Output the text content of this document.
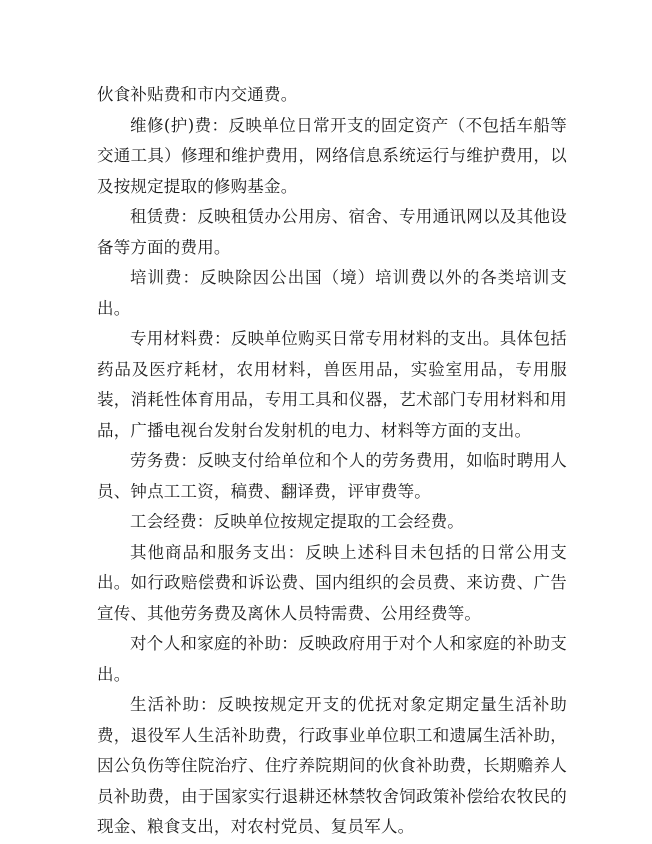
伙食补贴费和市内交通费。

维修(护)费：反映单位日常开支的固定资产（不包括车船等交通工具）修理和维护费用，网络信息系统运行与维护费用，以及按规定提取的修购基金。

租赁费：反映租赁办公用房、宿舍、专用通讯网以及其他设备等方面的费用。

培训费：反映除因公出国（境）培训费以外的各类培训支出。

专用材料费：反映单位购买日常专用材料的支出。具体包括药品及医疗耗材，农用材料，兽医用品，实验室用品，专用服装，消耗性体育用品，专用工具和仪器，艺术部门专用材料和用品，广播电视台发射台发射机的电力、材料等方面的支出。

劳务费：反映支付给单位和个人的劳务费用，如临时聘用人员、钟点工工资，稿费、翻译费，评审费等。

工会经费：反映单位按规定提取的工会经费。

其他商品和服务支出：反映上述科目未包括的日常公用支出。如行政赔偿费和诉讼费、国内组织的会员费、来访费、广告宣传、其他劳务费及离休人员特需费、公用经费等。

对个人和家庭的补助：反映政府用于对个人和家庭的补助支出。

生活补助：反映按规定开支的优抚对象定期定量生活补助费，退役军人生活补助费，行政事业单位职工和遗属生活补助，因公负伤等住院治疗、住疗养院期间的伙食补助费，长期赡养人员补助费，由于国家实行退耕还林禁牧舍饲政策补偿给农牧民的现金、粮食支出，对农村党员、复员军人。
